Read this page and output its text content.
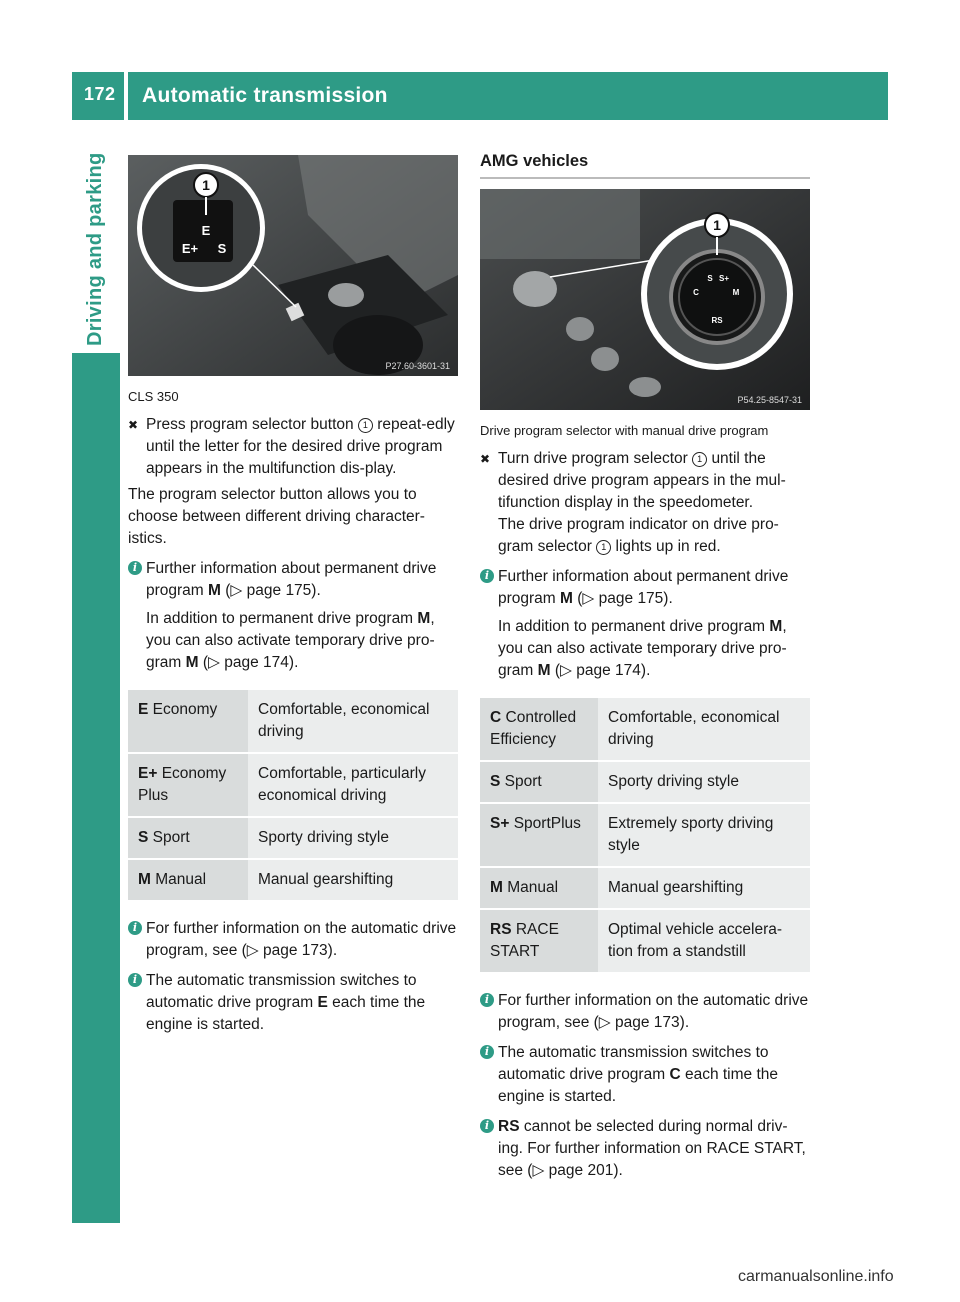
172 Automatic transmission
Driving and parking	1
E
E+ S
P27.60-3601-31

CLS 350

✖ Press program selector button 1 repeat-edly until the letter for the desired drive program appears in the multifunction dis-play.

The program selector button allows you to choose between different driving character-istics.

i Further information about permanent drive program M (▷ page 175).
In addition to permanent drive program M, you can also activate temporary drive pro-gram M (▷ page 174).
E Economy	Comfortable, economical driving
E+ Economy Plus	Comfortable, particularly economical driving
S Sport	Sporty driving style
M Manual	Manual gearshifting
i For further information on the automatic drive program, see (▷ page 173).
i The automatic transmission switches to automatic drive program E each time the engine is started.
AMG vehicles
1
S S+
C	M
RS
P54.25-8547-31

Drive program selector with manual drive program

✖ Turn drive program selector 1 until the desired drive program appears in the mul-tifunction display in the speedometer.
The drive program indicator on drive pro-gram selector 1 lights up in red.
i Further information about permanent drive program M (▷ page 175).
In addition to permanent drive program M, you can also activate temporary drive pro-gram M (▷ page 174).
C Controlled Efficiency	Comfortable, economical driving
S Sport	Sporty driving style
S+ SportPlus	Extremely sporty driving style
M Manual	Manual gearshifting
RS RACE START	Optimal vehicle accelera-tion from a standstill
i For further information on the automatic drive program, see (▷ page 173).
i The automatic transmission switches to automatic drive program C each time the engine is started.
i RS cannot be selected during normal driv-ing. For further information on RACE START, see (▷ page 201).
carmanualsonline.info
